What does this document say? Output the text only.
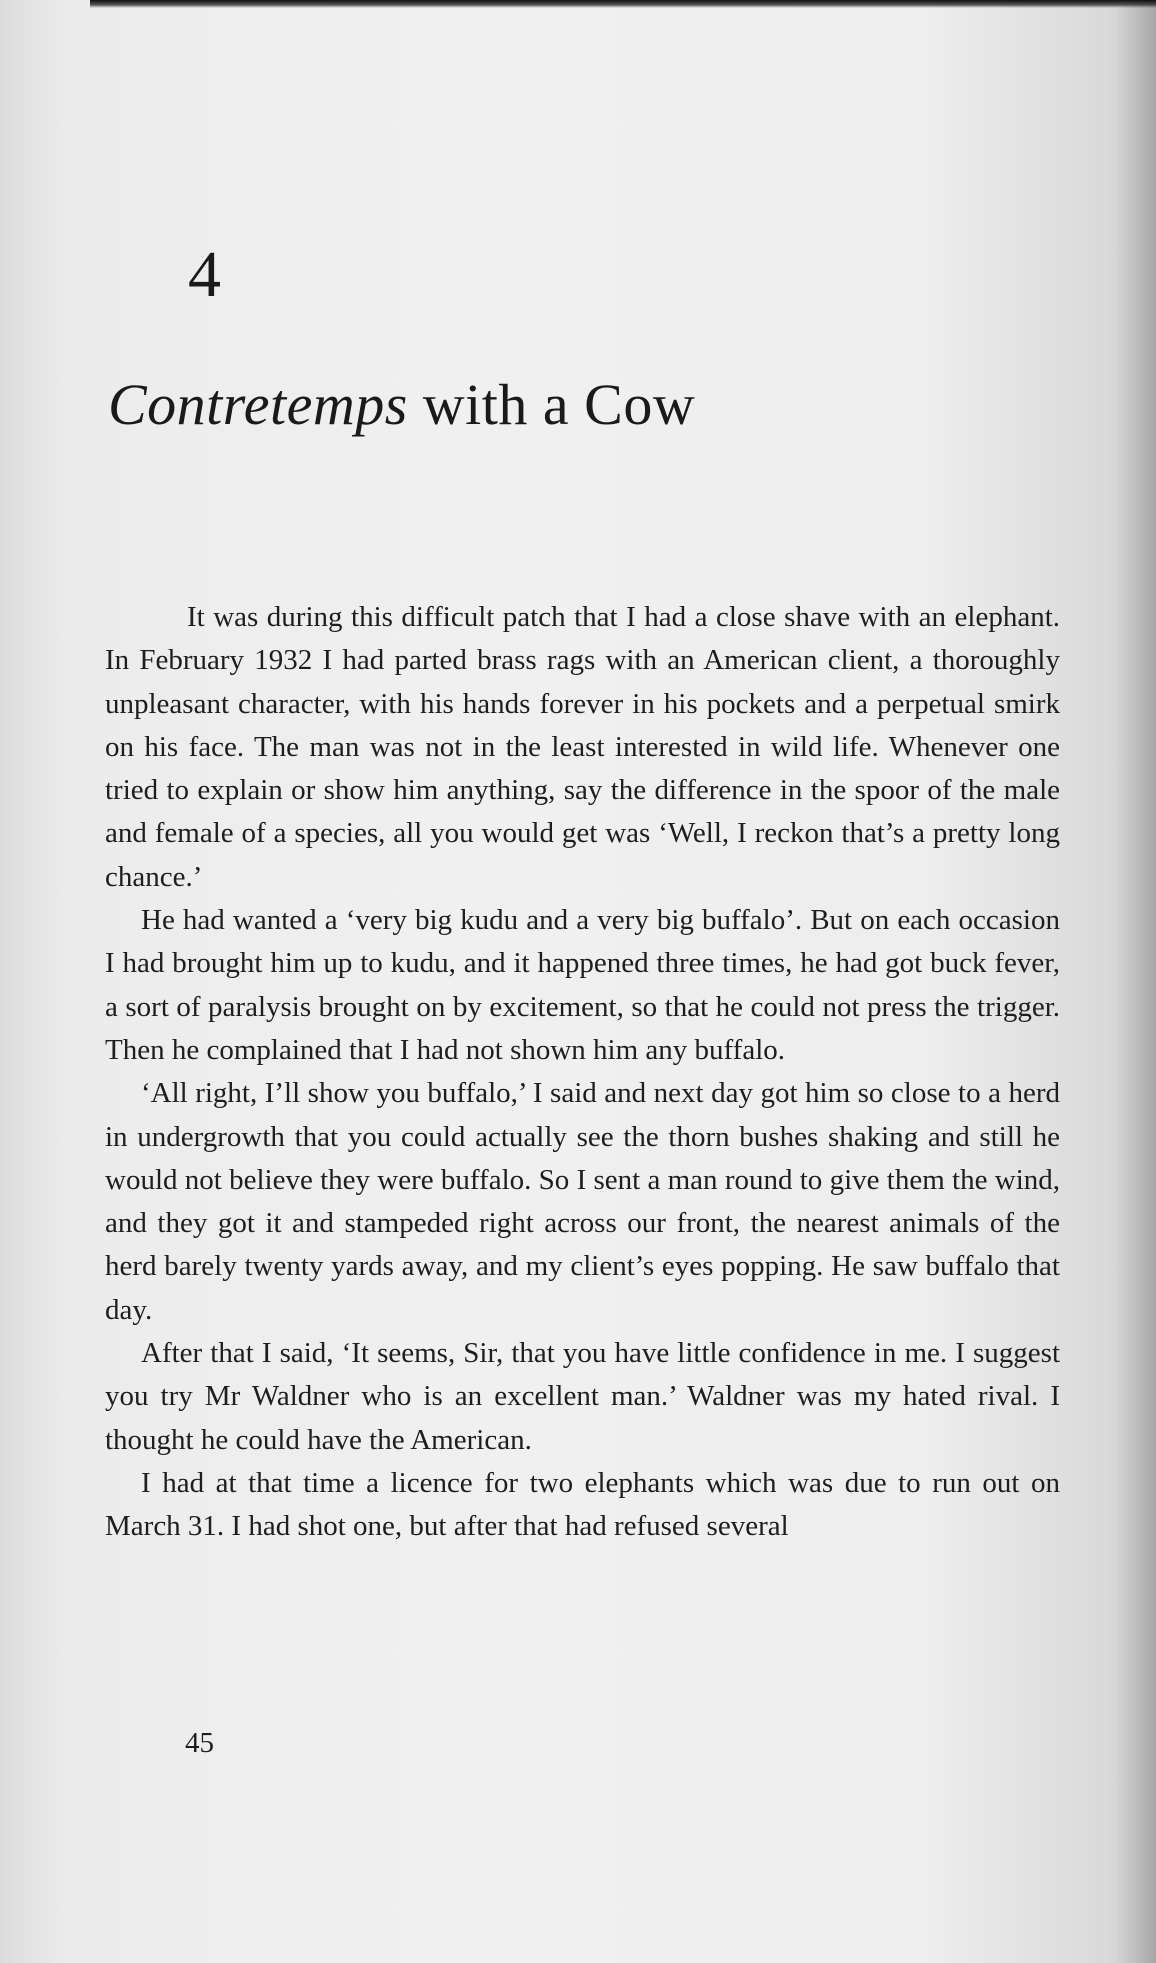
4
Contretemps with a Cow

It was during this difficult patch that I had a close shave with an elephant. In February 1932 I had parted brass rags with an American client, a thoroughly unpleasant character, with his hands forever in his pockets and a perpetual smirk on his face. The man was not in the least interested in wild life. Whenever one tried to explain or show him anything, say the difference in the spoor of the male and female of a species, all you would get was ‘Well, I reckon that’s a pretty long chance.’

He had wanted a ‘very big kudu and a very big buffalo’. But on each occasion I had brought him up to kudu, and it happened three times, he had got buck fever, a sort of paralysis brought on by excitement, so that he could not press the trigger. Then he complained that I had not shown him any buffalo.

‘All right, I’ll show you buffalo,’ I said and next day got him so close to a herd in undergrowth that you could actually see the thorn bushes shaking and still he would not believe they were buffalo. So I sent a man round to give them the wind, and they got it and stampeded right across our front, the nearest animals of the herd barely twenty yards away, and my client’s eyes popping. He saw buffalo that day.

After that I said, ‘It seems, Sir, that you have little confidence in me. I suggest you try Mr Waldner who is an excellent man.’ Waldner was my hated rival. I thought he could have the American.

I had at that time a licence for two elephants which was due to run out on March 31. I had shot one, but after that had refused several

45
